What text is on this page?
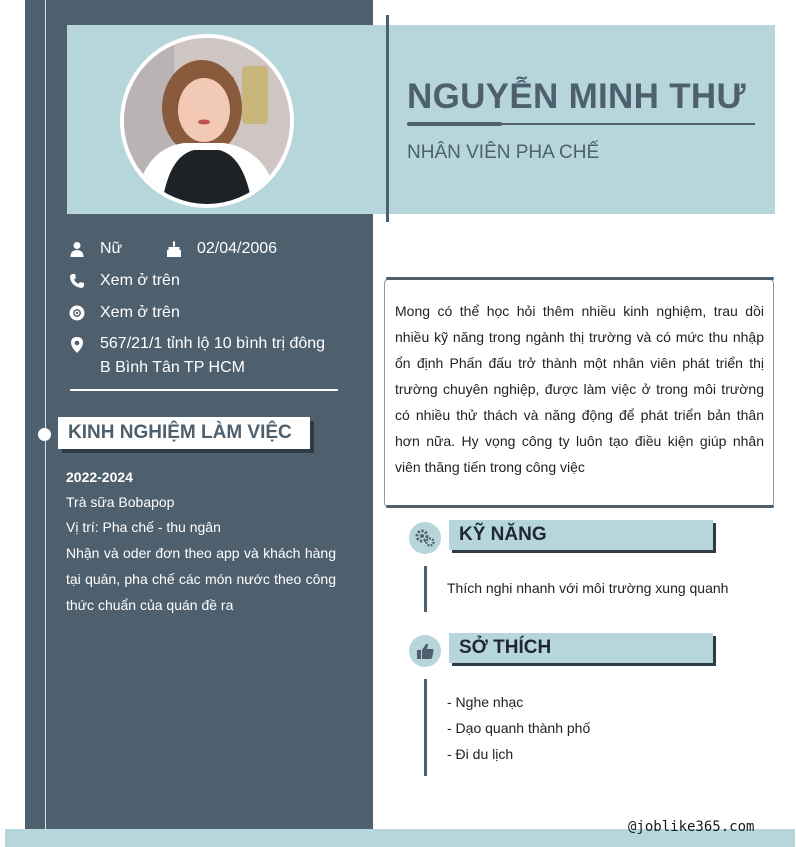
NGUYỄN MINH THƯ
NHÂN VIÊN PHA CHẾ
Nữ	02/04/2006
Xem ở trên
Xem ở trên
567/21/1 tỉnh lộ 10 bình trị đông
B Bình Tân TP HCM
KINH NGHIỆM LÀM VIỆC
2022-2024
Trà sữa Bobapop
Vị trí: Pha chế - thu ngân
Nhận và oder đơn theo app và khách hàng tại quán, pha chế các món nước theo công thức chuẩn của quán đề ra
Mong có thể học hỏi thêm nhiều kinh nghiệm, trau dồi nhiều kỹ năng trong ngành thị trường và có mức thu nhập ổn định Phấn đấu trở thành một nhân viên phát triển thị trường chuyên nghiệp, được làm việc ở trong môi trường có nhiều thử thách và năng động để phát triển bản thân hơn nữa. Hy vọng công ty luôn tạo điều kiện giúp nhân viên thăng tiến trong công việc
KỸ NĂNG
Thích nghi nhanh với môi trường xung quanh
SỞ THÍCH
- Nghe nhạc
- Dạo quanh thành phố
- Đi du lịch
@joblike365.com
